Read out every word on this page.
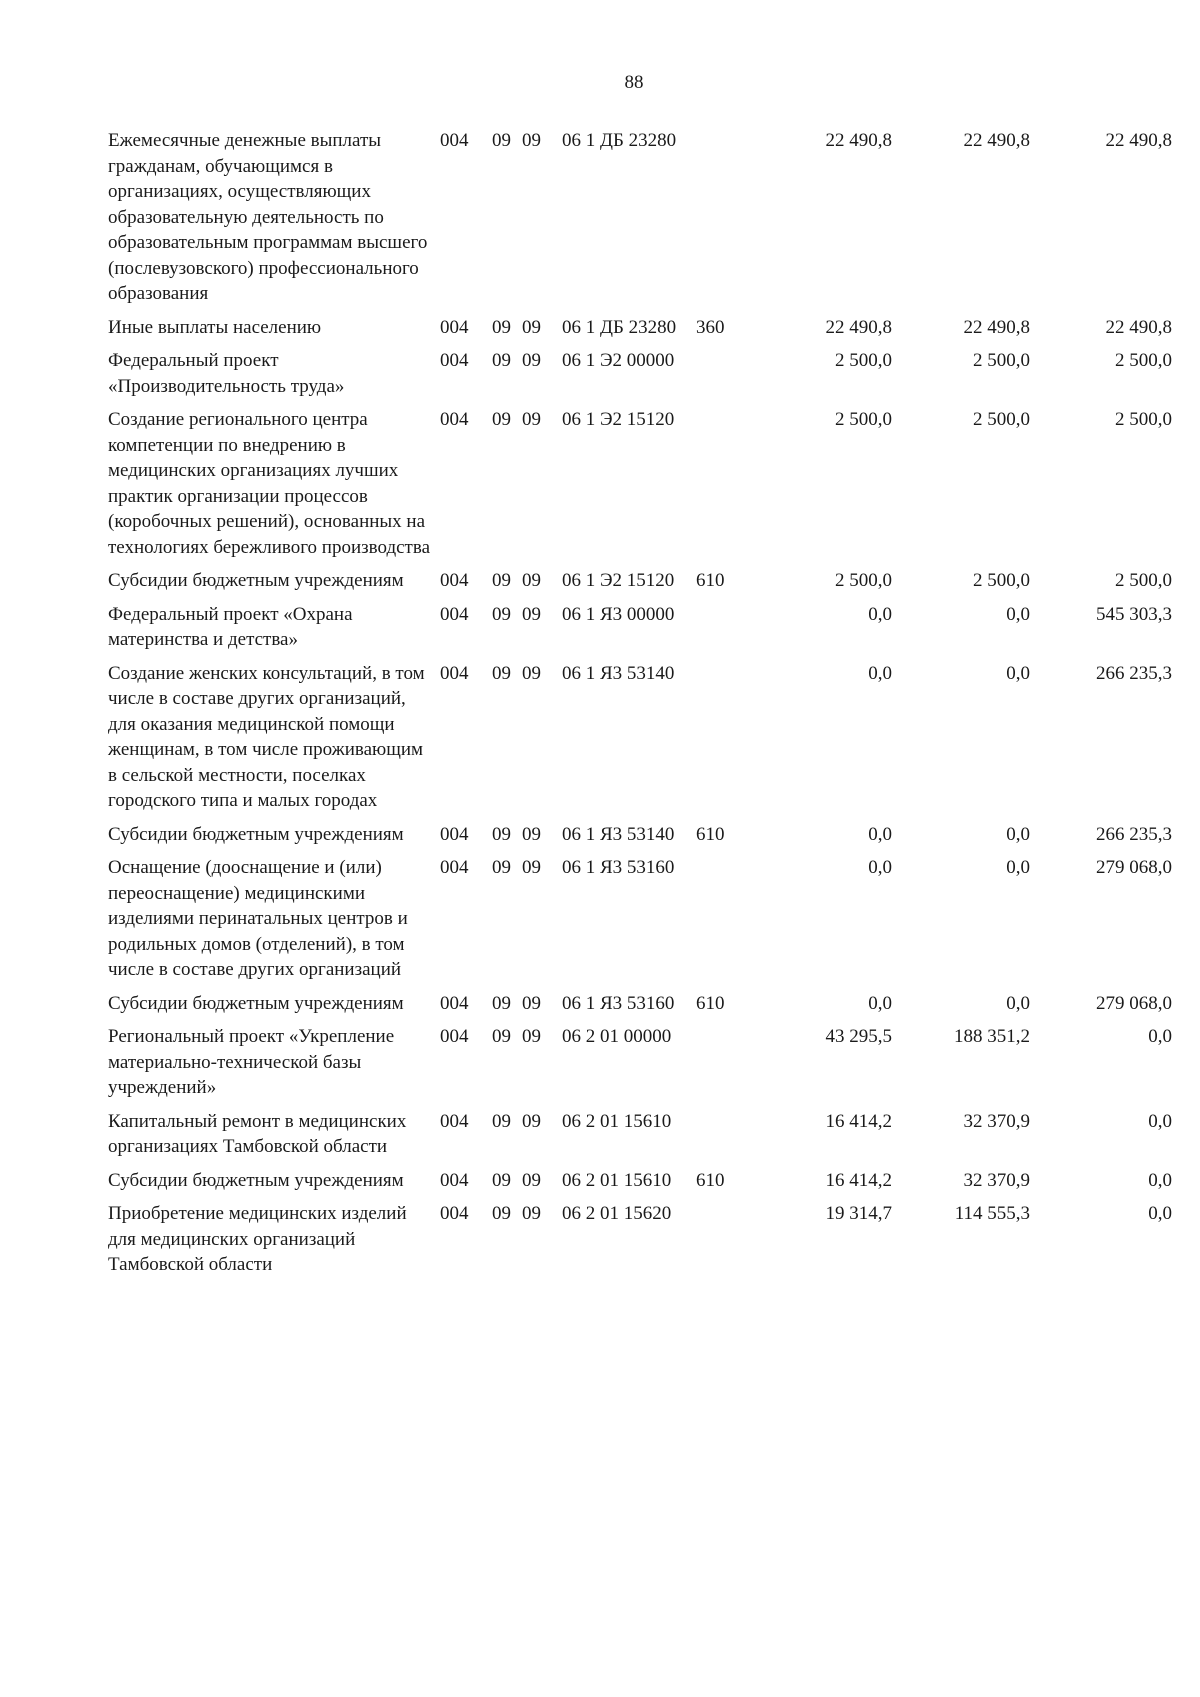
88
Ежемесячные денежные выплаты гражданам, обучающимся в организациях, осуществляющих образовательную деятельность по образовательным программам высшего (послевузовского) профессионального образования	004	09	09	06 1 ДБ 23280		22 490,8	22 490,8	22 490,8
Иные выплаты населению	004	09	09	06 1 ДБ 23280	360	22 490,8	22 490,8	22 490,8
Федеральный проект «Производительность труда»	004	09	09	06 1 Э2 00000		2 500,0	2 500,0	2 500,0
Создание регионального центра компетенции по внедрению в медицинских организациях лучших практик организации процессов (коробочных решений), основанных на технологиях бережливого производства	004	09	09	06 1 Э2 15120		2 500,0	2 500,0	2 500,0
Субсидии бюджетным учреждениям	004	09	09	06 1 Э2 15120	610	2 500,0	2 500,0	2 500,0
Федеральный проект «Охрана материнства и детства»	004	09	09	06 1 Я3 00000		0,0	0,0	545 303,3
Создание женских консультаций, в том числе в составе других организаций, для оказания медицинской помощи женщинам, в том числе проживающим в сельской местности, поселках городского типа и малых городах	004	09	09	06 1 Я3 53140		0,0	0,0	266 235,3
Субсидии бюджетным учреждениям	004	09	09	06 1 Я3 53140	610	0,0	0,0	266 235,3
Оснащение (дооснащение и (или) переоснащение) медицинскими изделиями перинатальных центров и родильных домов (отделений), в том числе в составе других организаций	004	09	09	06 1 Я3 53160		0,0	0,0	279 068,0
Субсидии бюджетным учреждениям	004	09	09	06 1 Я3 53160	610	0,0	0,0	279 068,0
Региональный проект «Укрепление материально-технической базы учреждений»	004	09	09	06 2 01 00000		43 295,5	188 351,2	0,0
Капитальный ремонт в медицинских организациях Тамбовской области	004	09	09	06 2 01 15610		16 414,2	32 370,9	0,0
Субсидии бюджетным учреждениям	004	09	09	06 2 01 15610	610	16 414,2	32 370,9	0,0
Приобретение медицинских изделий для медицинских организаций Тамбовской области	004	09	09	06 2 01 15620		19 314,7	114 555,3	0,0
